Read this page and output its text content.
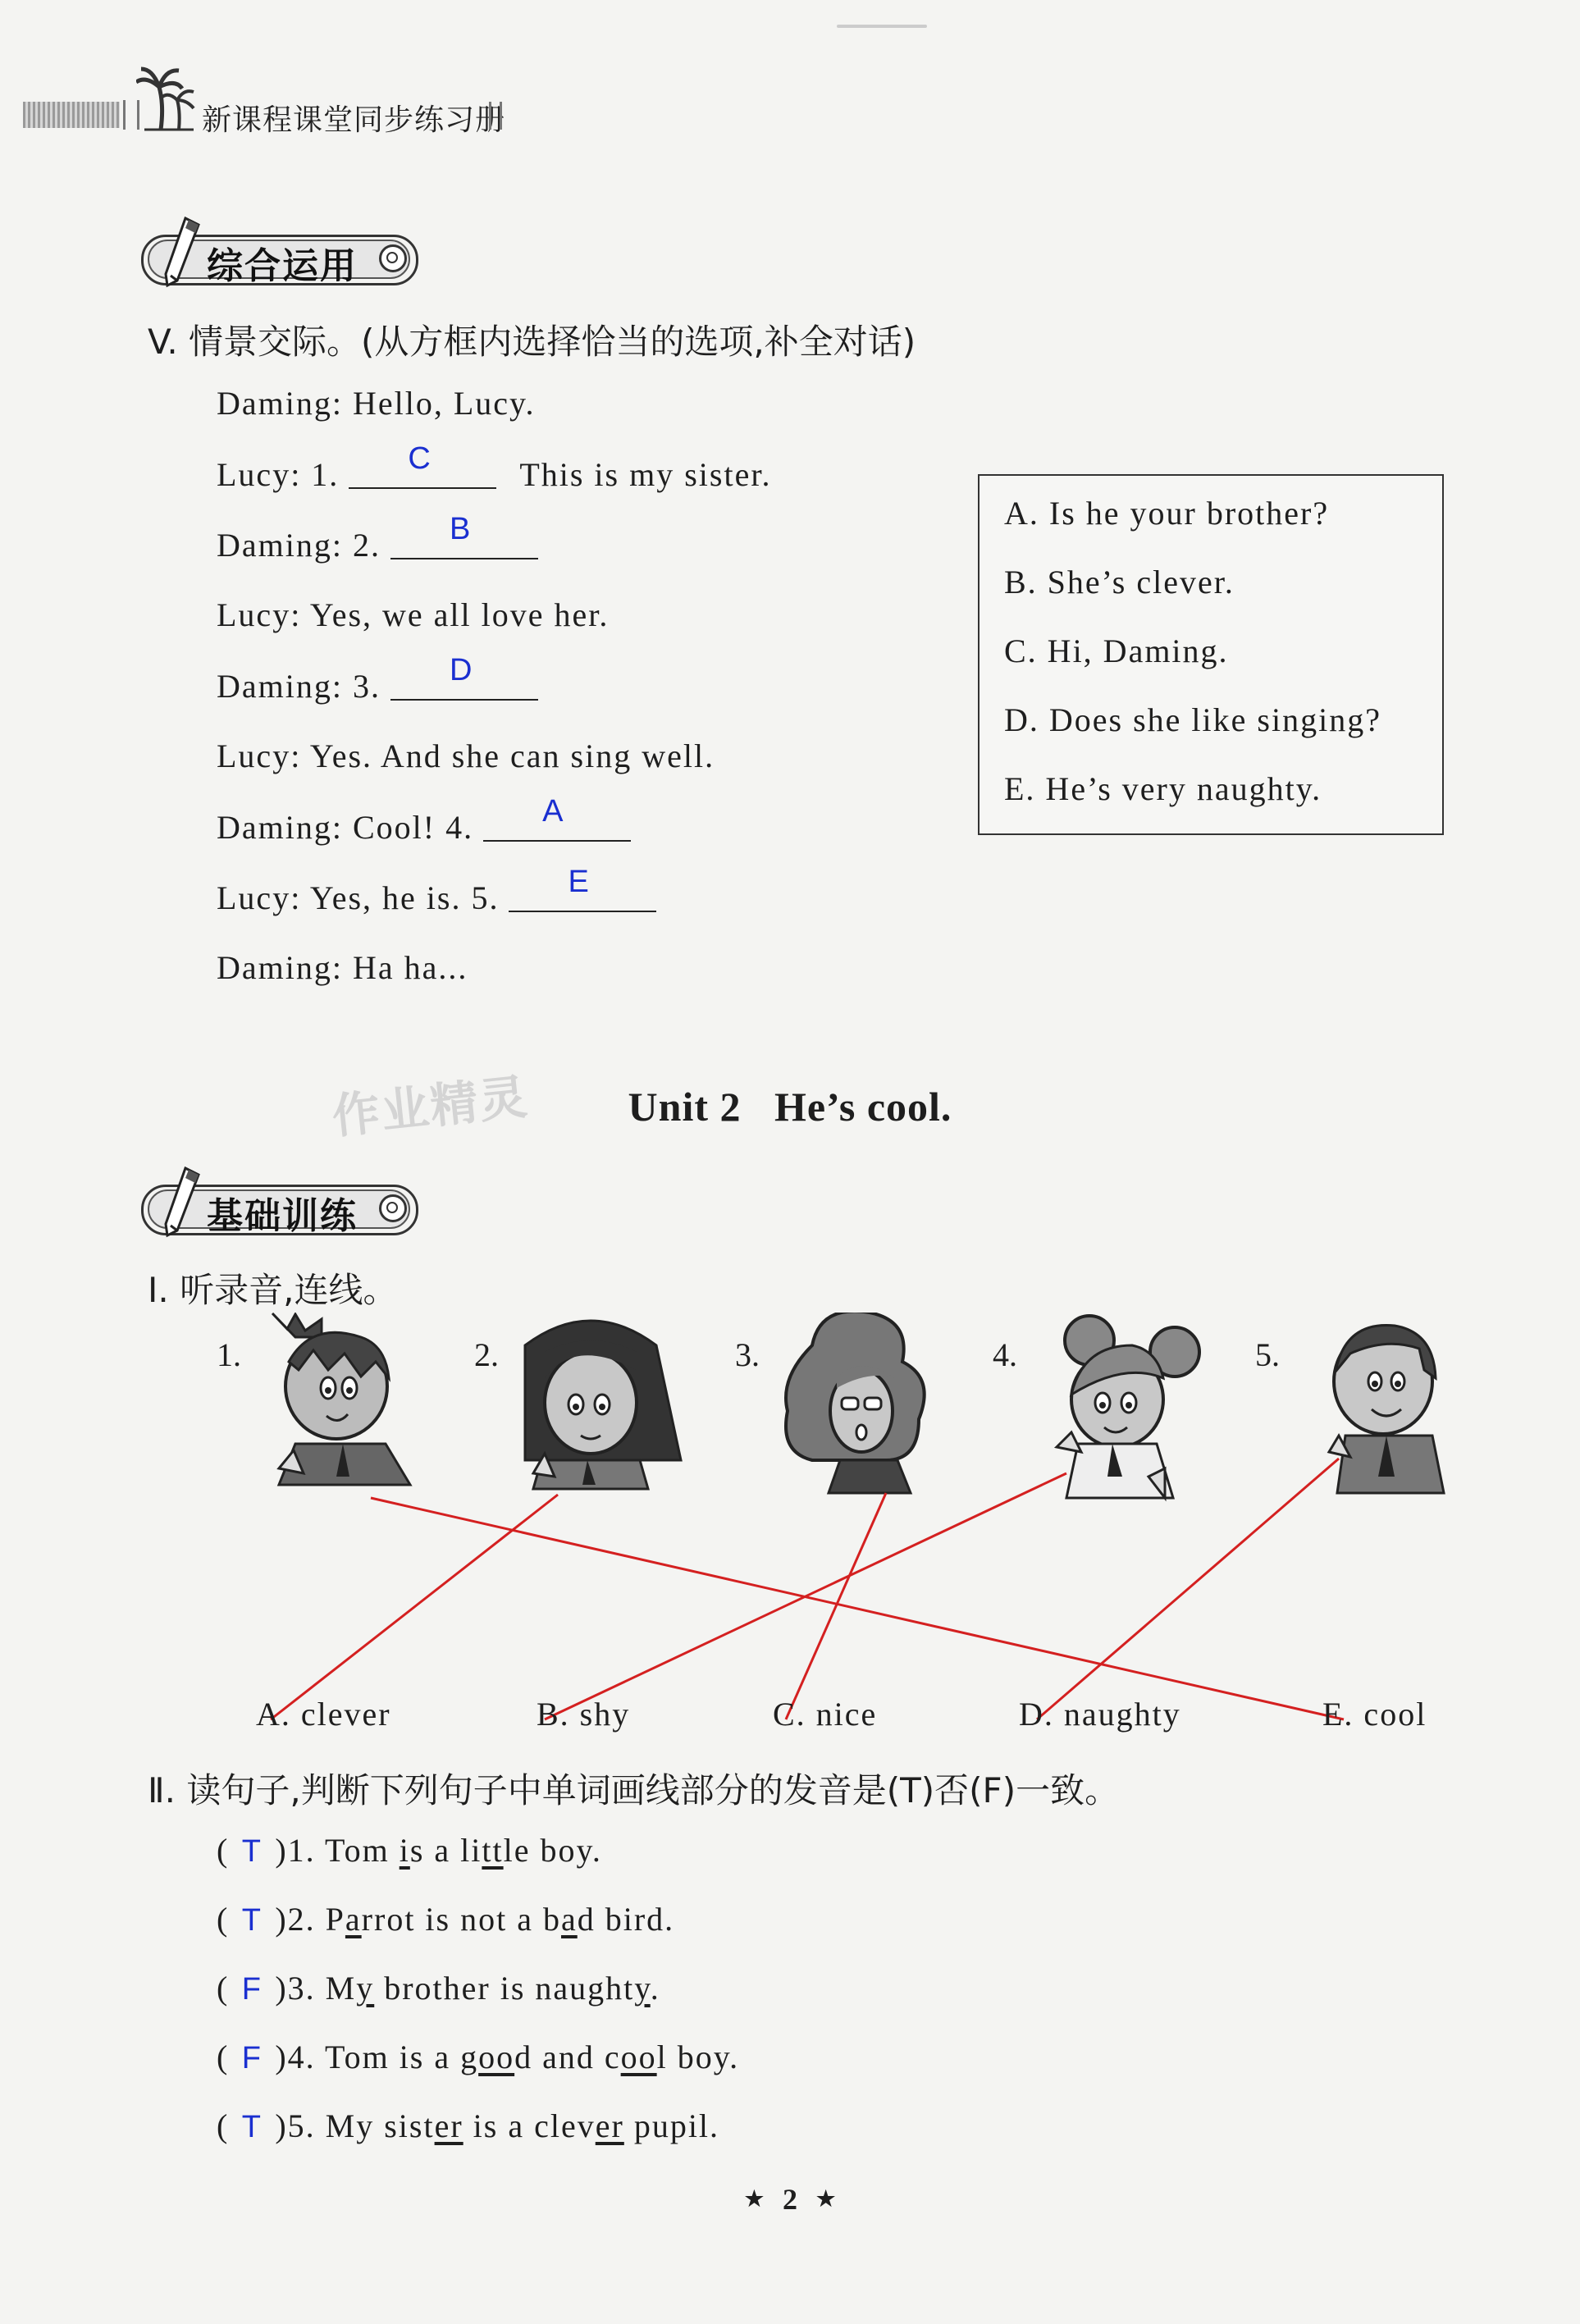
新课程课堂同步练习册
综合运用
V. 情景交际。(从方框内选择恰当的选项,补全对话)
Daming: Hello, Lucy.
Lucy: 1. C	This is my sister.
Daming: 2. B
Lucy: Yes, we all love her.
Daming: 3. D
Lucy: Yes. And she can sing well.
Daming: Cool! 4. A
Lucy: Yes, he is. 5. E
Daming: Ha ha...
A. Is he your brother?
B. She’s clever.
C. Hi, Daming.
D. Does she like singing?
E. He’s very naughty.
作业精灵	Unit 2   He’s cool.
基础训练
Ⅰ. 听录音,连线。
1.	2.	3.	4.	5.
A. clever	B. shy	C. nice	D. naughty	E. cool
Ⅱ. 读句子,判断下列句子中单词画线部分的发音是(T)否(F)一致。
( T )1. Tom is a little boy.
( T )2. Parrot is not a bad bird.
( F )3. My brother is naughty.
( F )4. Tom is a good and cool boy.
( T )5. My sister is a clever pupil.
★ 2 ★
